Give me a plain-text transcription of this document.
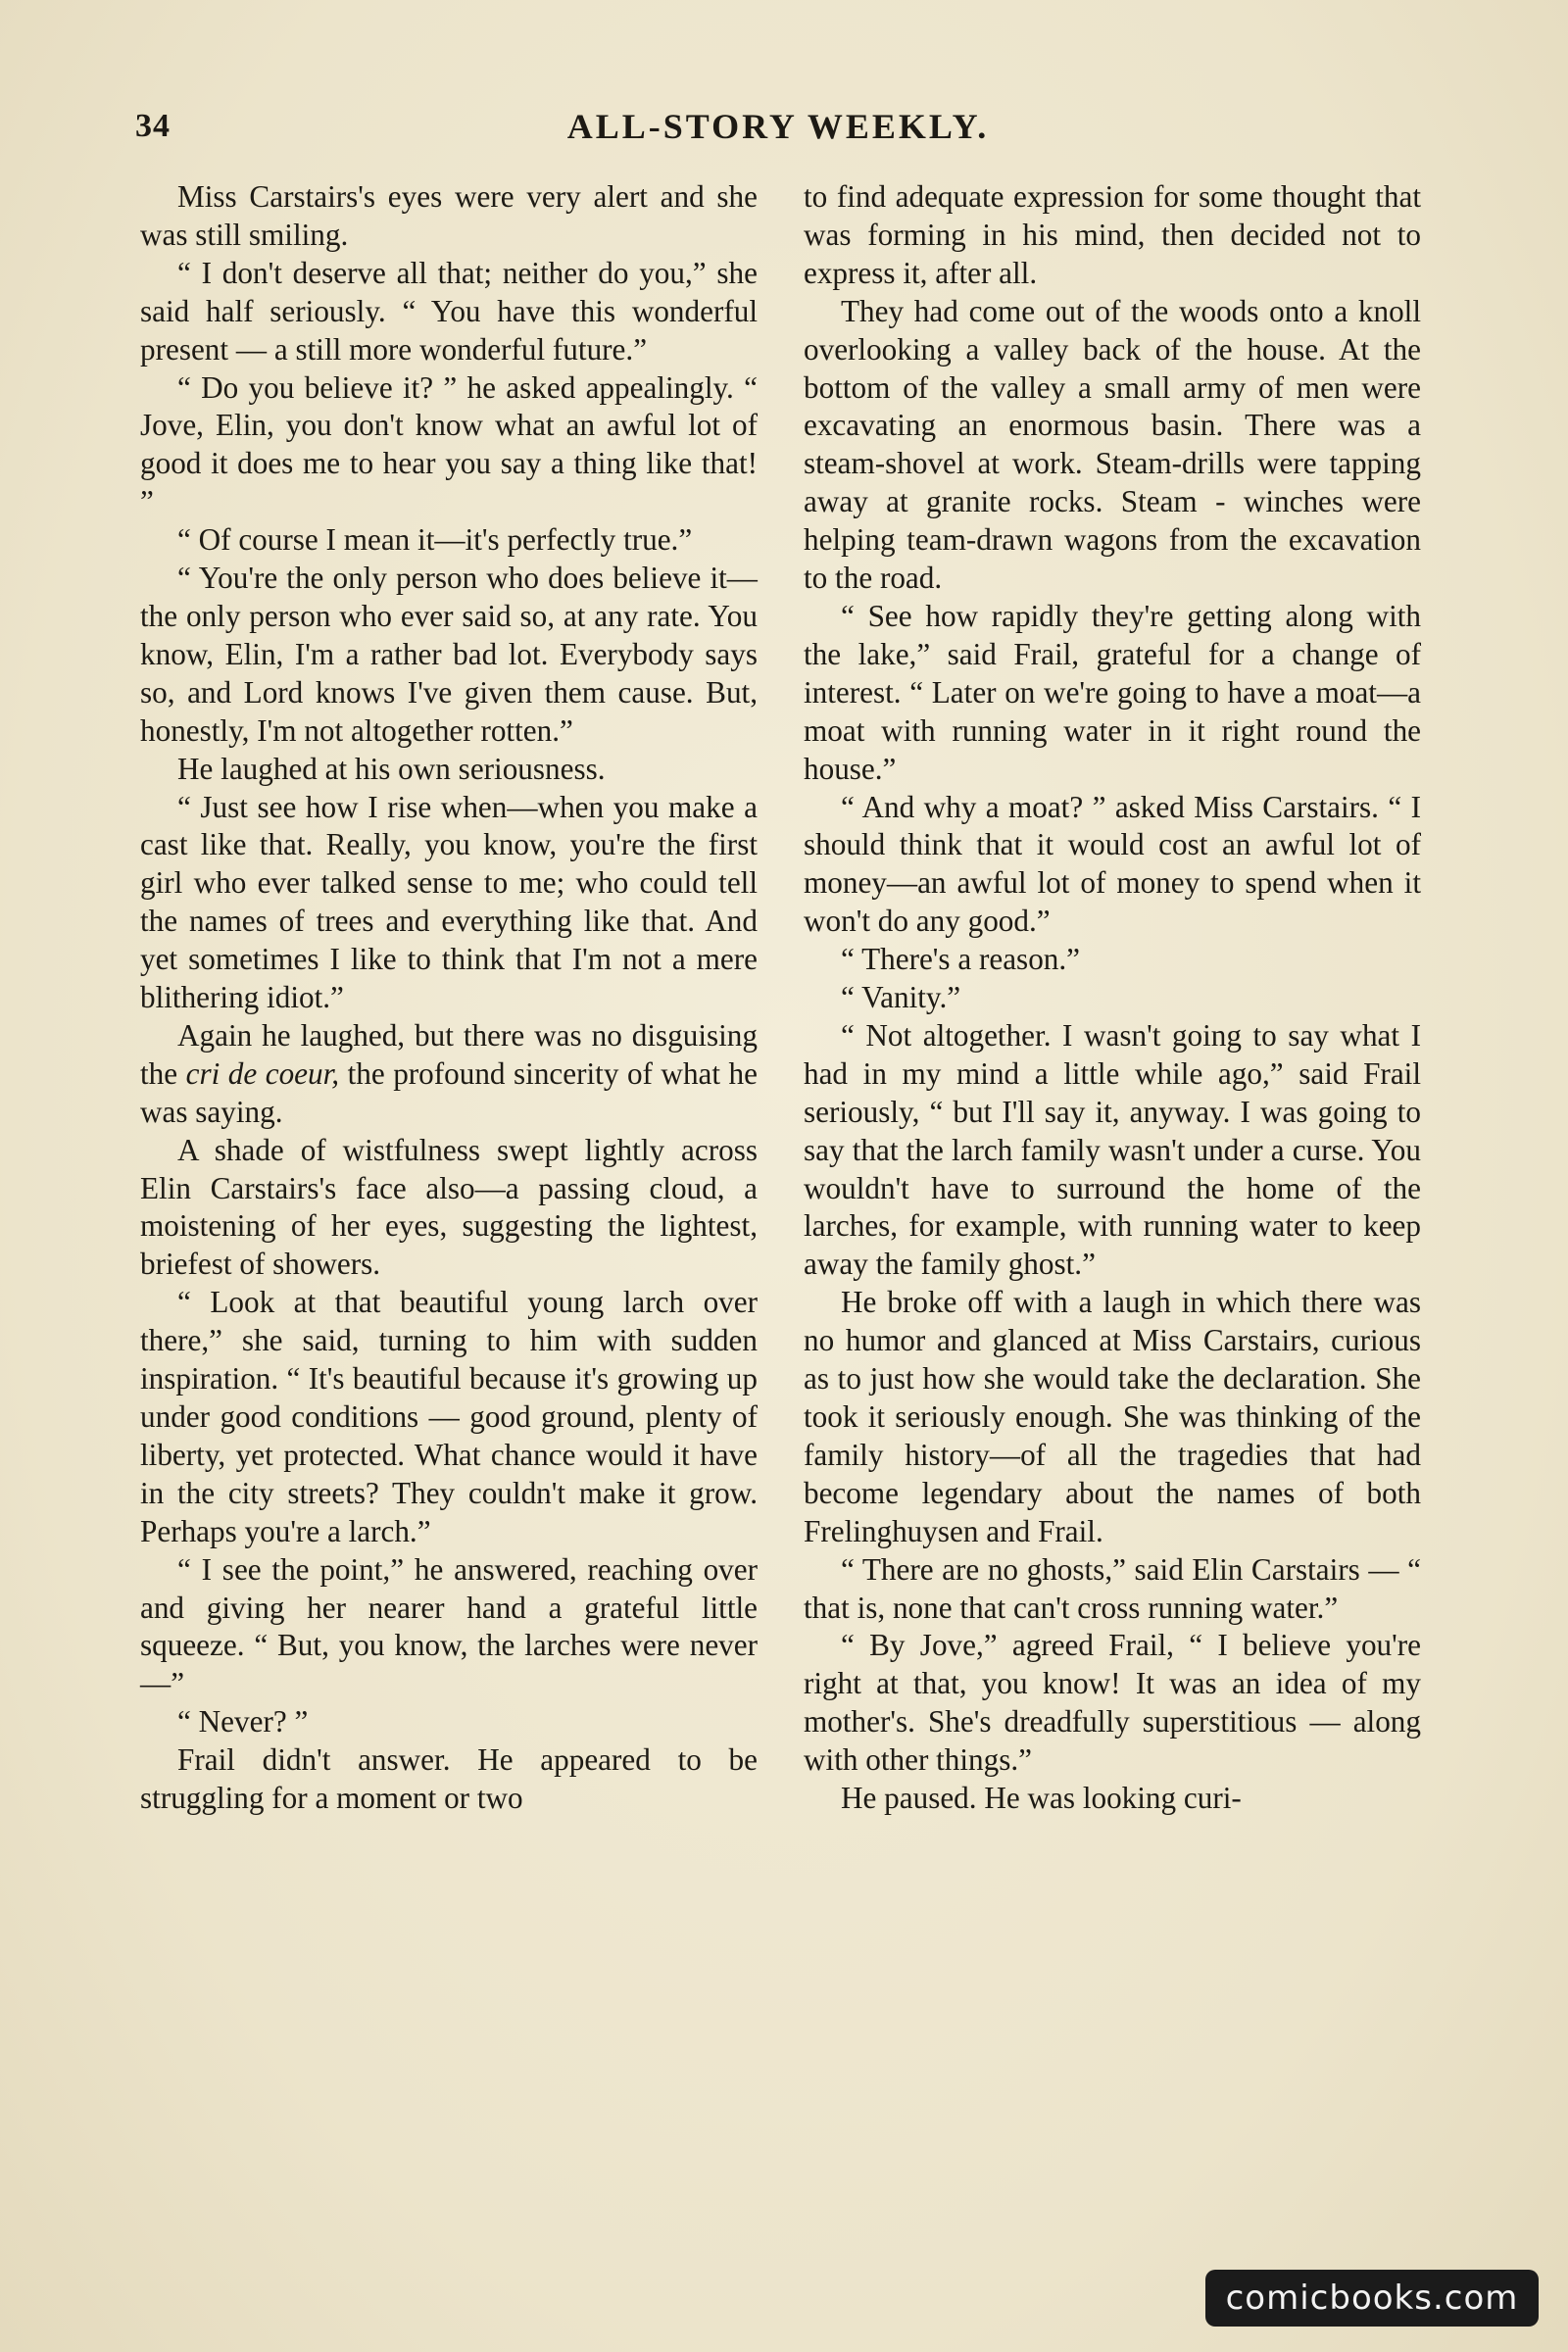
34	ALL-STORY WEEKLY.

Miss Carstairs's eyes were very alert and she was still smiling.

“ I don't deserve all that; neither do you,” she said half seriously. “ You have this wonderful present — a still more wonderful future.”

“ Do you believe it? ” he asked appealingly. “ Jove, Elin, you don't know what an awful lot of good it does me to hear you say a thing like that! ”

“ Of course I mean it—it's perfectly true.”

“ You're the only person who does believe it—the only person who ever said so, at any rate. You know, Elin, I'm a rather bad lot. Everybody says so, and Lord knows I've given them cause. But, honestly, I'm not altogether rotten.”

He laughed at his own seriousness.

“ Just see how I rise when—when you make a cast like that. Really, you know, you're the first girl who ever talked sense to me; who could tell the names of trees and everything like that. And yet sometimes I like to think that I'm not a mere blithering idiot.”

Again he laughed, but there was no disguising the cri de coeur, the profound sincerity of what he was saying.

A shade of wistfulness swept lightly across Elin Carstairs's face also—a passing cloud, a moistening of her eyes, suggesting the lightest, briefest of showers.

“ Look at that beautiful young larch over there,” she said, turning to him with sudden inspiration. “ It's beautiful because it's growing up under good conditions — good ground, plenty of liberty, yet protected. What chance would it have in the city streets? They couldn't make it grow. Perhaps you're a larch.”

“ I see the point,” he answered, reaching over and giving her nearer hand a grateful little squeeze. “ But, you know, the larches were never—”

“ Never? ”

Frail didn't answer. He appeared to be struggling for a moment or two

to find adequate expression for some thought that was forming in his mind, then decided not to express it, after all.

They had come out of the woods onto a knoll overlooking a valley back of the house. At the bottom of the valley a small army of men were excavating an enormous basin. There was a steam-shovel at work. Steam-drills were tapping away at granite rocks. Steam - winches were helping team-drawn wagons from the excavation to the road.

“ See how rapidly they're getting along with the lake,” said Frail, grateful for a change of interest. “ Later on we're going to have a moat—a moat with running water in it right round the house.”

“ And why a moat? ” asked Miss Carstairs. “ I should think that it would cost an awful lot of money—an awful lot of money to spend when it won't do any good.”

“ There's a reason.”

“ Vanity.”

“ Not altogether. I wasn't going to say what I had in my mind a little while ago,” said Frail seriously, “ but I'll say it, anyway. I was going to say that the larch family wasn't under a curse. You wouldn't have to surround the home of the larches, for example, with running water to keep away the family ghost.”

He broke off with a laugh in which there was no humor and glanced at Miss Carstairs, curious as to just how she would take the declaration. She took it seriously enough. She was thinking of the family history—of all the tragedies that had become legendary about the names of both Frelinghuysen and Frail.

“ There are no ghosts,” said Elin Carstairs — “ that is, none that can't cross running water.”

“ By Jove,” agreed Frail, “ I believe you're right at that, you know! It was an idea of my mother's. She's dreadfully superstitious — along with other things.”

He paused. He was looking curi-

comicbooks.com
